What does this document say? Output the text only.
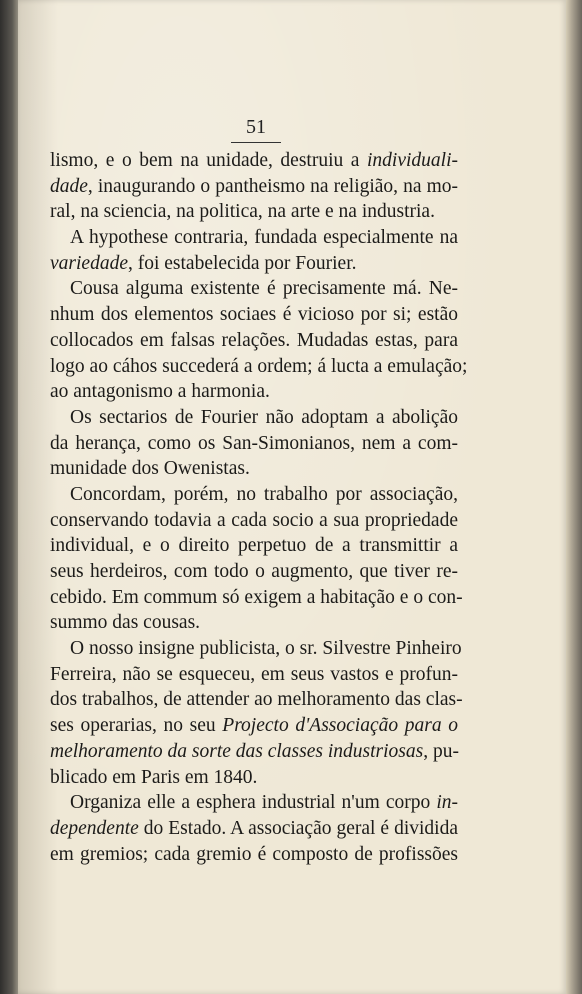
51
lismo, e o bem na unidade, destruiu a individuali-
dade, inaugurando o pantheismo na religião, na mo-
ral, na sciencia, na politica, na arte e na industria.
A hypothese contraria, fundada especialmente na
variedade, foi estabelecida por Fourier.
Cousa alguma existente é precisamente má. Ne-
nhum dos elementos sociaes é vicioso por si; estão
collocados em falsas relações. Mudadas estas, para
logo ao cáhos succederá a ordem; á lucta a emulação;
ao antagonismo a harmonia.
Os sectarios de Fourier não adoptam a abolição
da herança, como os San-Simonianos, nem a com-
munidade dos Owenistas.
Concordam, porém, no trabalho por associação,
conservando todavia a cada socio a sua propriedade
individual, e o direito perpetuo de a transmittir a
seus herdeiros, com todo o augmento, que tiver re-
cebido. Em commum só exigem a habitação e o con-
summo das cousas.
O nosso insigne publicista, o sr. Silvestre Pinheiro
Ferreira, não se esqueceu, em seus vastos e profun-
dos trabalhos, de attender ao melhoramento das clas-
ses operarias, no seu Projecto d'Associação para o
melhoramento da sorte das classes industriosas, pu-
blicado em Paris em 1840.
Organiza elle a esphera industrial n'um corpo in-
dependente do Estado. A associação geral é dividida
em gremios; cada gremio é composto de profissões
